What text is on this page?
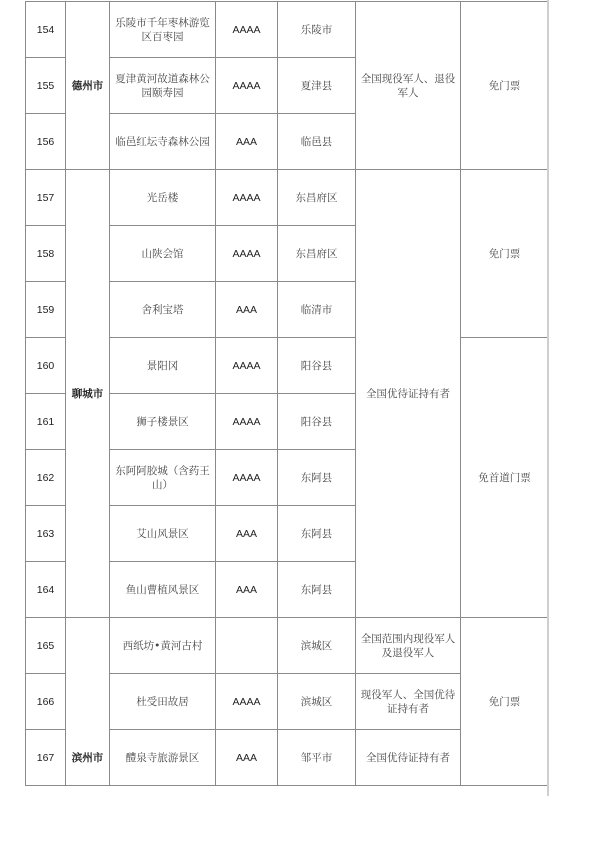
154	德州市	乐陵市千年枣林游览区百枣园	AAAA	乐陵市	全国现役军人、退役军人	免门票
155		夏津黄河故道森林公园颐寿园	AAAA	夏津县		
156		临邑红坛寺森林公园	AAA	临邑县		
157	聊城市	光岳楼	AAAA	东昌府区	全国优待证持有者	免门票
158		山陕会馆	AAAA	东昌府区		
159		舍利宝塔	AAA	临清市		
160		景阳冈	AAAA	阳谷县		免首道门票
161		狮子楼景区	AAAA	阳谷县		
162		东阿阿胶城（含药王山）	AAAA	东阿县		
163		艾山风景区	AAA	东阿县		
164		鱼山曹植风景区	AAA	东阿县		
165	滨州市	西纸坊•黄河古村		滨城区	全国范围内现役军人及退役军人	免门票
166		杜受田故居	AAAA	滨城区	现役军人、全国优待证持有者	
167		醴泉寺旅游景区	AAA	邹平市	全国优待证持有者	
